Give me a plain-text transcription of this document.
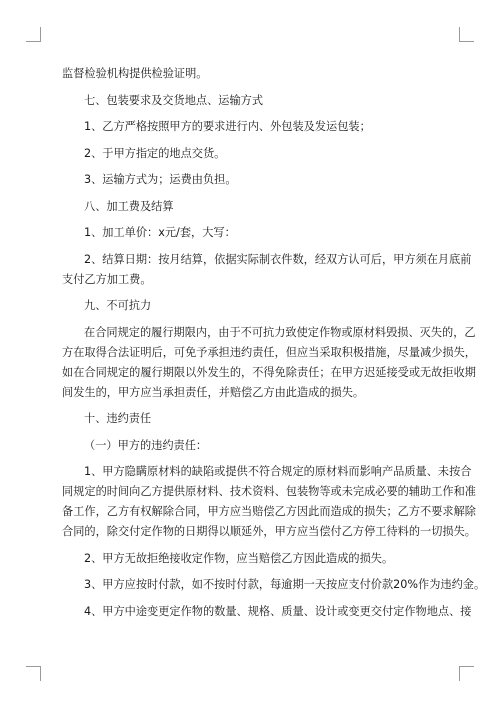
监督检验机构提供检验证明。
七、包装要求及交货地点、运输方式
1、乙方严格按照甲方的要求进行内、外包装及发运包装；
2、于甲方指定的地点交货。
3、运输方式为；运费由负担。
八、加工费及结算
1、加工单价：x元/套，大写：
2、结算日期：按月结算，依据实际制衣件数，经双方认可后，甲方须在月底前
支付乙方加工费。
九、不可抗力
在合同规定的履行期限内，由于不可抗力致使定作物或原材料毁损、灭失的，乙
方在取得合法证明后，可免予承担违约责任，但应当采取积极措施，尽量减少损失，
如在合同规定的履行期限以外发生的，不得免除责任；在甲方迟延接受或无故拒收期
间发生的，甲方应当承担责任，并赔偿乙方由此造成的损失。
十、违约责任
（一）甲方的违约责任：
1、甲方隐瞒原材料的缺陷或提供不符合规定的原材料而影响产品质量、未按合
同规定的时间向乙方提供原材料、技术资料、包装物等或未完成必要的辅助工作和准
备工作，乙方有权解除合同，甲方应当赔偿乙方因此而造成的损失；乙方不要求解除
合同的，除交付定作物的日期得以顺延外，甲方应当偿付乙方停工待料的一切损失。
2、甲方无故拒绝接收定作物，应当赔偿乙方因此造成的损失。
3、甲方应按时付款，如不按时付款，每逾期一天按应支付价款20%作为违约金。
4、甲方中途变更定作物的数量、规格、质量、设计或变更交付定作物地点、接
